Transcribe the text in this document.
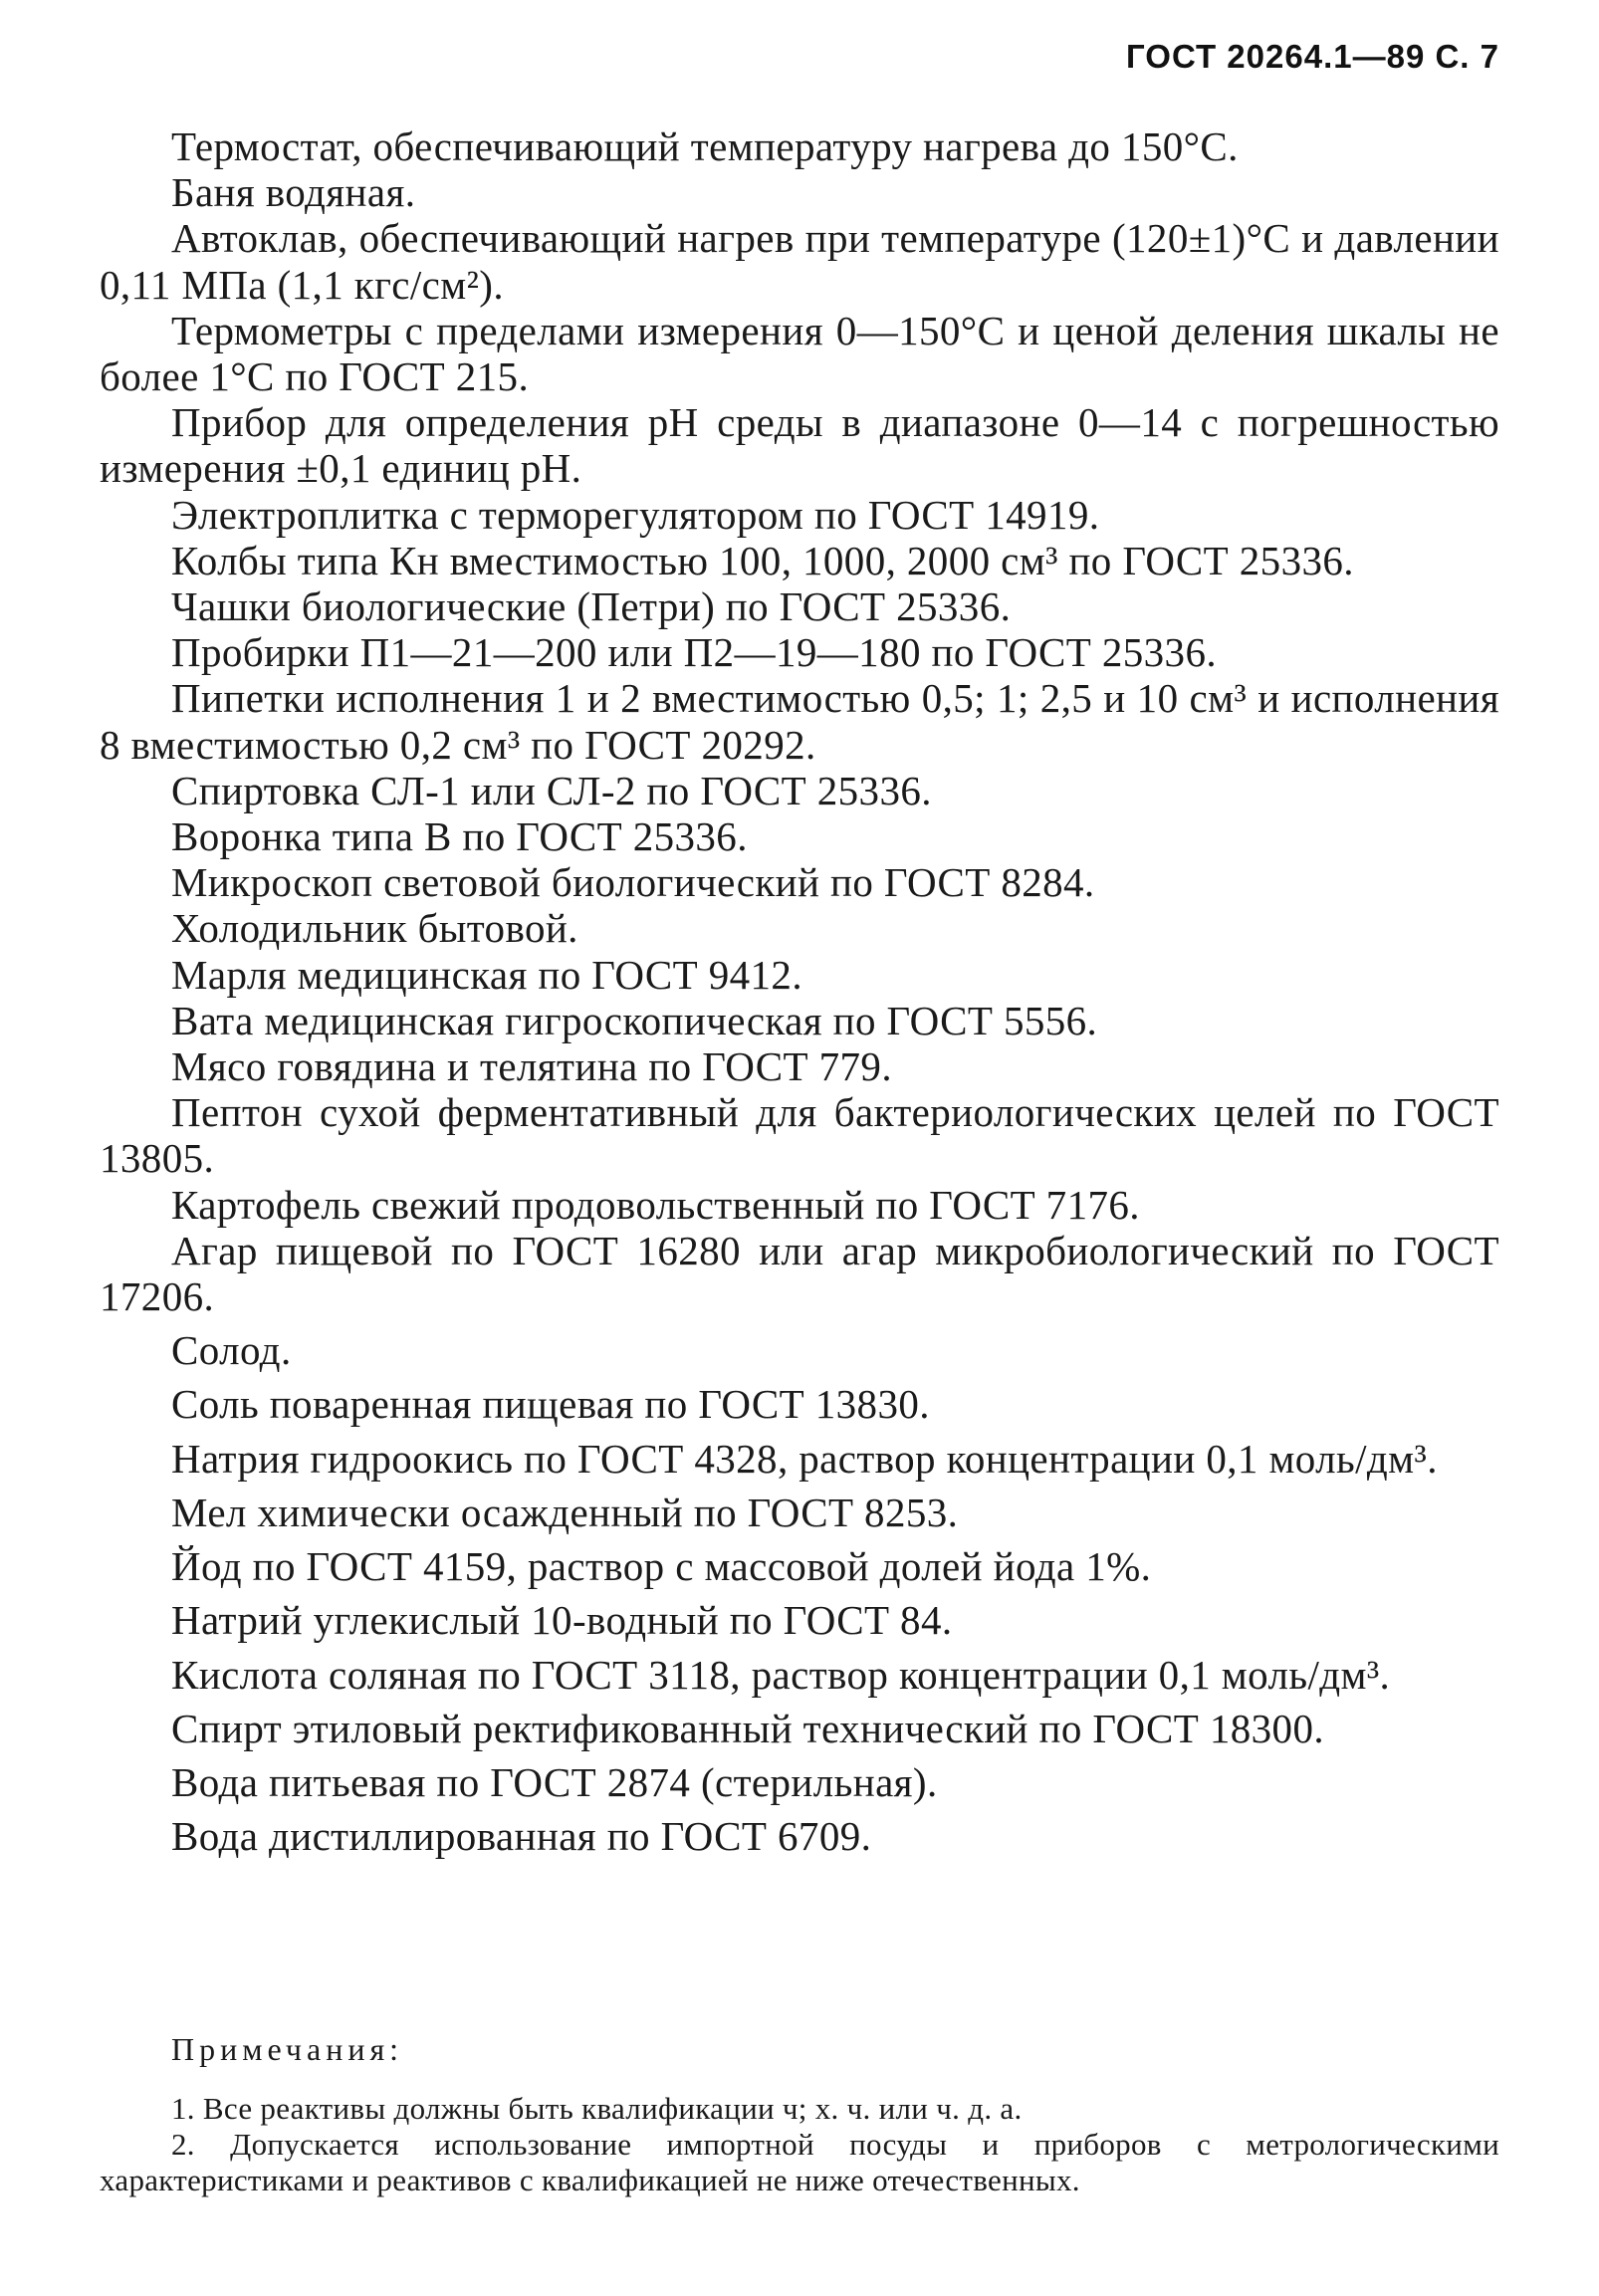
ГОСТ 20264.1—89 С. 7

Термостат, обеспечивающий температуру нагрева до 150°С.

Баня водяная.

Автоклав, обеспечивающий нагрев при температуре (120±1)°С и давлении 0,11 МПа (1,1 кгс/см²).

Термометры с пределами измерения 0—150°С и ценой деления шкалы не более 1°С по ГОСТ 215.

Прибор для определения pH среды в диапазоне 0—14 с погрешностью измерения ±0,1 единиц pH.

Электроплитка с терморегулятором по ГОСТ 14919.

Колбы типа Кн вместимостью 100, 1000, 2000 см³ по ГОСТ 25336.

Чашки биологические (Петри) по ГОСТ 25336.

Пробирки П1—21—200 или П2—19—180 по ГОСТ 25336.

Пипетки исполнения 1 и 2 вместимостью 0,5; 1; 2,5 и 10 см³ и исполнения 8 вместимостью 0,2 см³ по ГОСТ 20292.

Спиртовка СЛ-1 или СЛ-2 по ГОСТ 25336.

Воронка типа В по ГОСТ 25336.

Микроскоп световой биологический по ГОСТ 8284.

Холодильник бытовой.

Марля медицинская по ГОСТ 9412.

Вата медицинская гигроскопическая по ГОСТ 5556.

Мясо говядина и телятина по ГОСТ 779.

Пептон сухой ферментативный для бактериологических целей по ГОСТ 13805.

Картофель свежий продовольственный по ГОСТ 7176.

Агар пищевой по ГОСТ 16280 или агар микробиологический по ГОСТ 17206.

Солод.

Соль поваренная пищевая по ГОСТ 13830.

Натрия гидроокись по ГОСТ 4328, раствор концентрации 0,1 моль/дм³.

Мел химически осажденный по ГОСТ 8253.

Йод по ГОСТ 4159, раствор с массовой долей йода 1%.

Натрий углекислый 10-водный по ГОСТ 84.

Кислота соляная по ГОСТ 3118, раствор концентрации 0,1 моль/дм³.

Спирт этиловый ректификованный технический по ГОСТ 18300.

Вода питьевая по ГОСТ 2874 (стерильная).

Вода дистиллированная по ГОСТ 6709.

Примечания:

1. Все реактивы должны быть квалификации ч; х. ч. или ч. д. а.

2. Допускается использование импортной посуды и приборов с метрологическими характеристиками и реактивов с квалификацией не ниже отечественных.
